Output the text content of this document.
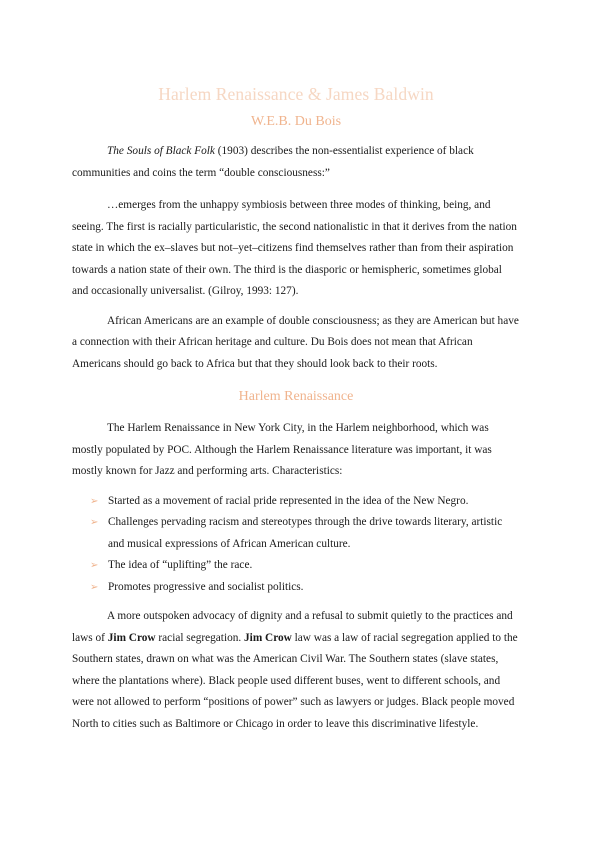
Harlem Renaissance & James Baldwin
W.E.B. Du Bois

The Souls of Black Folk (1903) describes the non-essentialist experience of black communities and coins the term “double consciousness:”

…emerges from the unhappy symbiosis between three modes of thinking, being, and seeing. The first is racially particularistic, the second nationalistic in that it derives from the nation state in which the ex–slaves but not–yet–citizens find themselves rather than from their aspiration towards a nation state of their own. The third is the diasporic or hemispheric, sometimes global and occasionally universalist. (Gilroy, 1993: 127).

African Americans are an example of double consciousness; as they are American but have a connection with their African heritage and culture. Du Bois does not mean that African Americans should go back to Africa but that they should look back to their roots.

Harlem Renaissance

The Harlem Renaissance in New York City, in the Harlem neighborhood, which was mostly populated by POC. Although the Harlem Renaissance literature was important, it was mostly known for Jazz and performing arts. Characteristics:

➢ Started as a movement of racial pride represented in the idea of the New Negro.
➢ Challenges pervading racism and stereotypes through the drive towards literary, artistic and musical expressions of African American culture.
➢ The idea of “uplifting” the race.
➢ Promotes progressive and socialist politics.

A more outspoken advocacy of dignity and a refusal to submit quietly to the practices and laws of Jim Crow racial segregation. Jim Crow law was a law of racial segregation applied to the Southern states, drawn on what was the American Civil War. The Southern states (slave states, where the plantations where). Black people used different buses, went to different schools, and were not allowed to perform “positions of power” such as lawyers or judges. Black people moved North to cities such as Baltimore or Chicago in order to leave this discriminative lifestyle.
